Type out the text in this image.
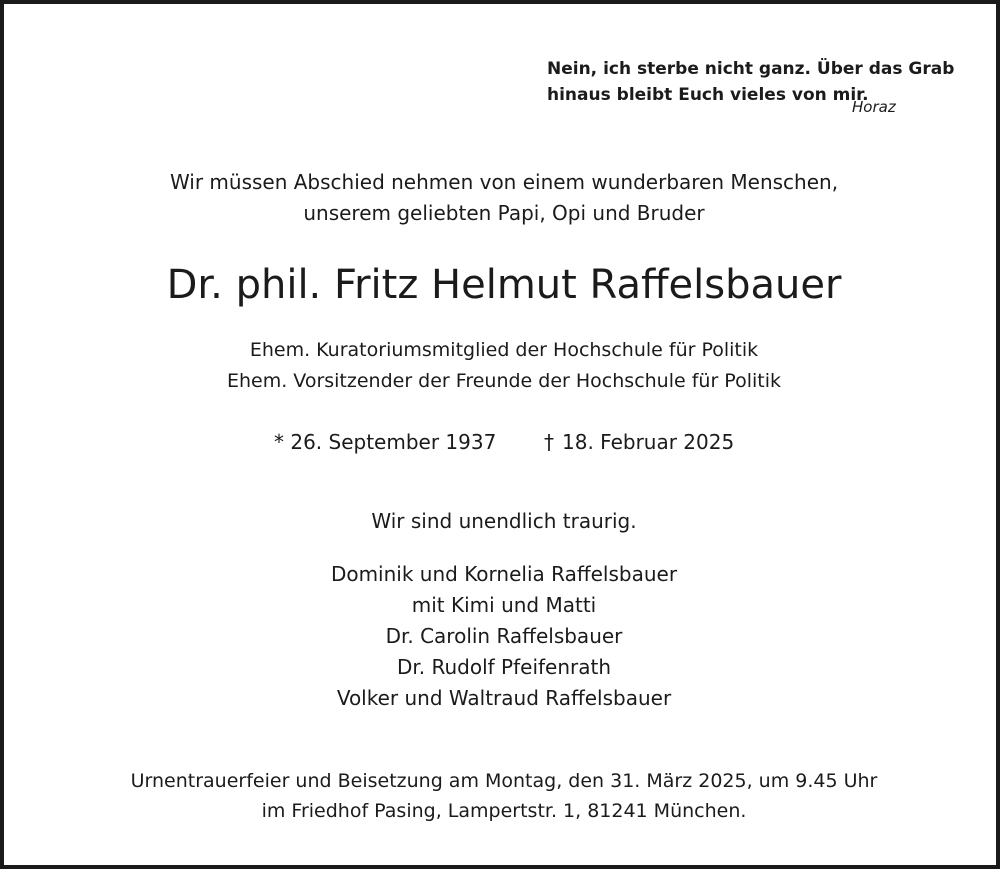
Nein, ich sterbe nicht ganz. Über das Grab
hinaus bleibt Euch vieles von mir.
Horaz
Wir müssen Abschied nehmen von einem wunderbaren Menschen,
unserem geliebten Papi, Opi und Bruder
Dr. phil. Fritz Helmut Raffelsbauer
Ehem. Kuratoriumsmitglied der Hochschule für Politik
Ehem. Vorsitzender der Freunde der Hochschule für Politik
* 26. September 1937 † 18. Februar 2025
Wir sind unendlich traurig.
Dominik und Kornelia Raffelsbauer
mit Kimi und Matti
Dr. Carolin Raffelsbauer
Dr. Rudolf Pfeifenrath
Volker und Waltraud Raffelsbauer
Urnentrauerfeier und Beisetzung am Montag, den 31. März 2025, um 9.45 Uhr
im Friedhof Pasing, Lampertstr. 1, 81241 München.
